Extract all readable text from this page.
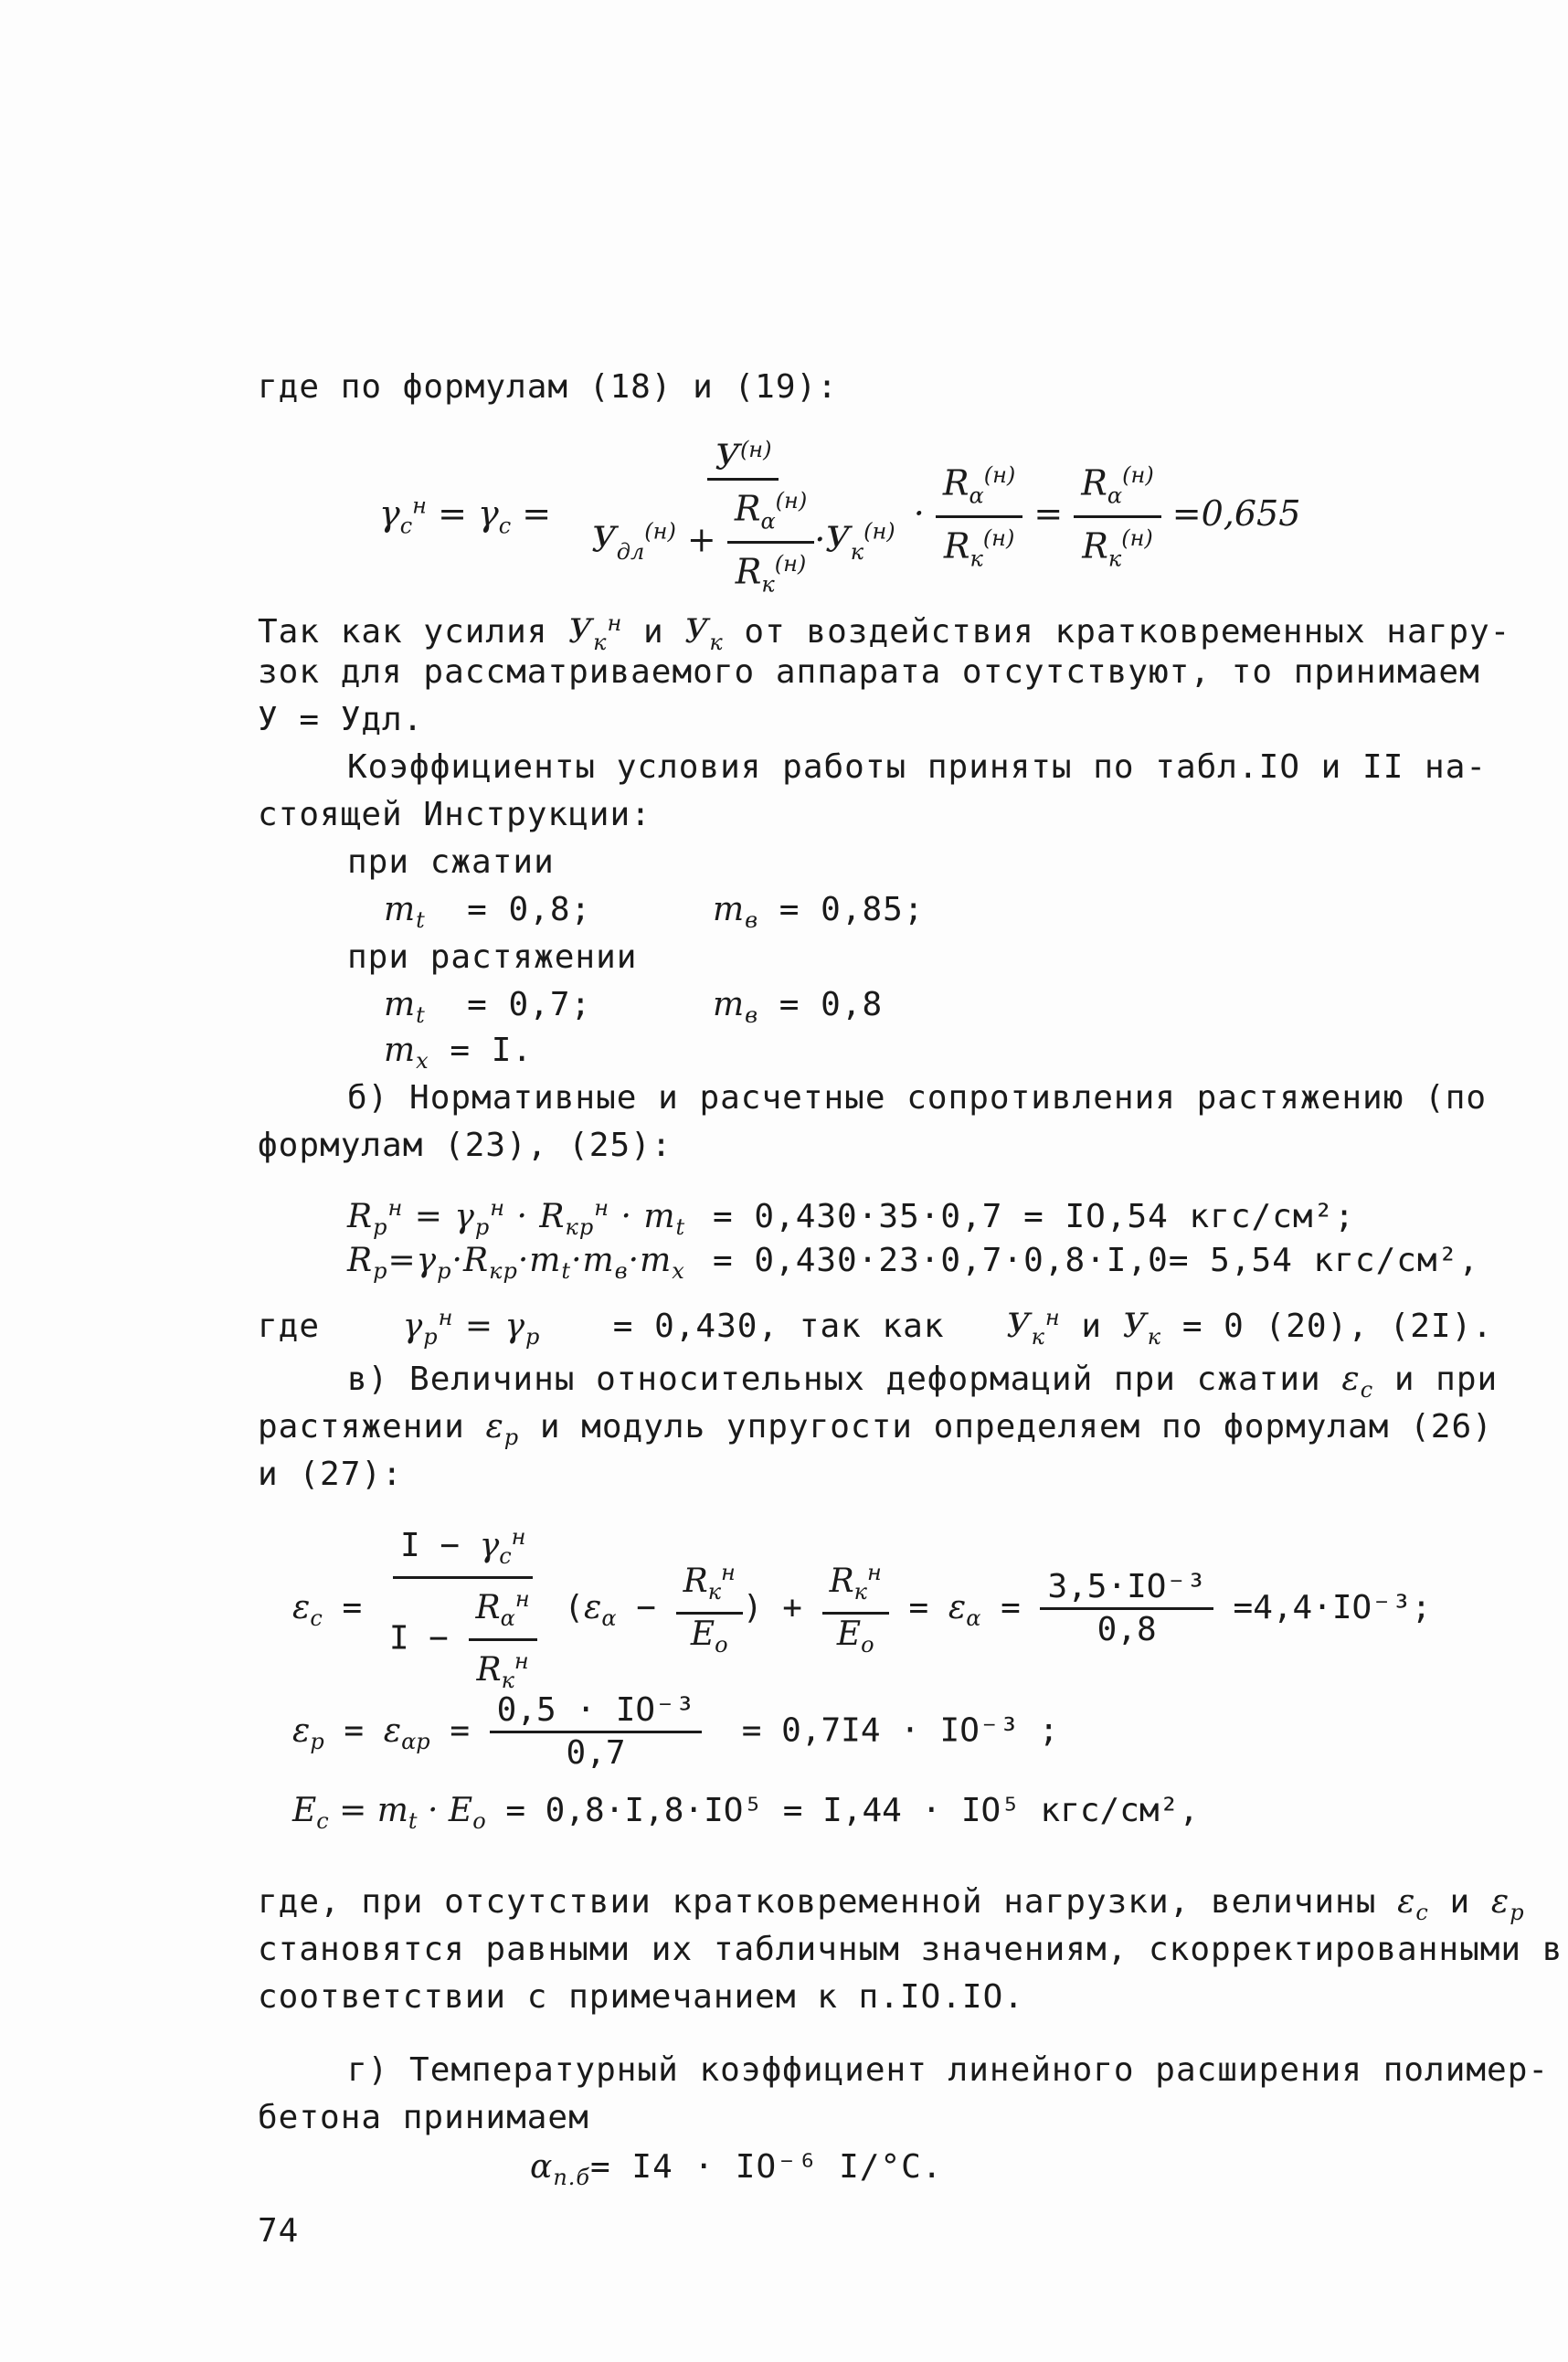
где по формулам (18) и (19):
$\gamma_c^н = \gamma_c = \frac{У^{(н)}}{У_{дл}^{(н)} + \frac{R_\alpha^{(н)}}{R_к^{(н)}} \cdot У_к^{(н)}} \cdot \frac{R_\alpha^{(н)}}{R_к^{(н)}} = \frac{R_\alpha^{(н)}}{R_к^{(н)}} =0,655$
Так как усилия $У_к^н$ и $У_к$ от воздействия кратковременных нагру-
зок для рассматриваемого аппарата отсутствуют, то принимаем
У = Удл.
Коэффициенты условия работы приняты по табл.IO и II на-
стоящей Инструкции:
при сжатии
$m_t = 0,8$;	$m_в = 0,85$;
при растяжении
$m_t = 0,7$;	$m_в = 0,8$
$m_x = I$.
б) Нормативные и расчетные сопротивления растяжению (по
формулам (23), (25):
$R_p^н = \gamma_p^н \cdot R_{кр}^н \cdot m_t = 0,430\cdot 35\cdot 0,7 = IO,54$ кгс/см²;
$R_p=\gamma_p\cdot R_{кр}\cdot m_t\cdot m_в\cdot m_x = 0,430\cdot 23\cdot 0,7\cdot 0,8\cdot I,0= 5,54$ кгс/см²,
где	$\gamma_p^н = \gamma_p = 0,430$, так как $У_к^н$ и $У_к = 0$ (20), (2I).
в) Величины относительных деформаций при сжатии $\varepsilon_c$ и при
растяжении $\varepsilon_p$ и модуль упругости определяем по формулам (26)
и (27):
$\varepsilon_c = \frac{I - \gamma_c^н}{I - \frac{R_\alpha^н}{R_к^н}} (\varepsilon_\alpha - \frac{R_к^н}{E_o}$ ) + $\frac{R_к^н}{E_o} = \varepsilon_\alpha = \frac{\text{3,5·IO⁻³}}{0,8} =4,4\cdot IO^{-3}$;
$\varepsilon_p = \varepsilon_{\alpha p} = \frac{\text{0,5 · IO⁻³}}{0,7} = 0,7I4 \cdot IO^{-3}$ ;
$E_c = m_t \cdot E_o = 0,8\cdot I,8\cdot IO^5 = I,44 \cdot IO^5$ кгс/см²,
где, при отсутствии кратковременной нагрузки, величины $\varepsilon_c$ и $\varepsilon_p$
становятся равными их табличным значениям, скорректированными в
соответствии с примечанием к п.IO.IO.
г) Температурный коэффициент линейного расширения полимер-
бетона принимаем
$\alpha_{п.б}= I4 \cdot IO^{-6}$ I/°C.
74
